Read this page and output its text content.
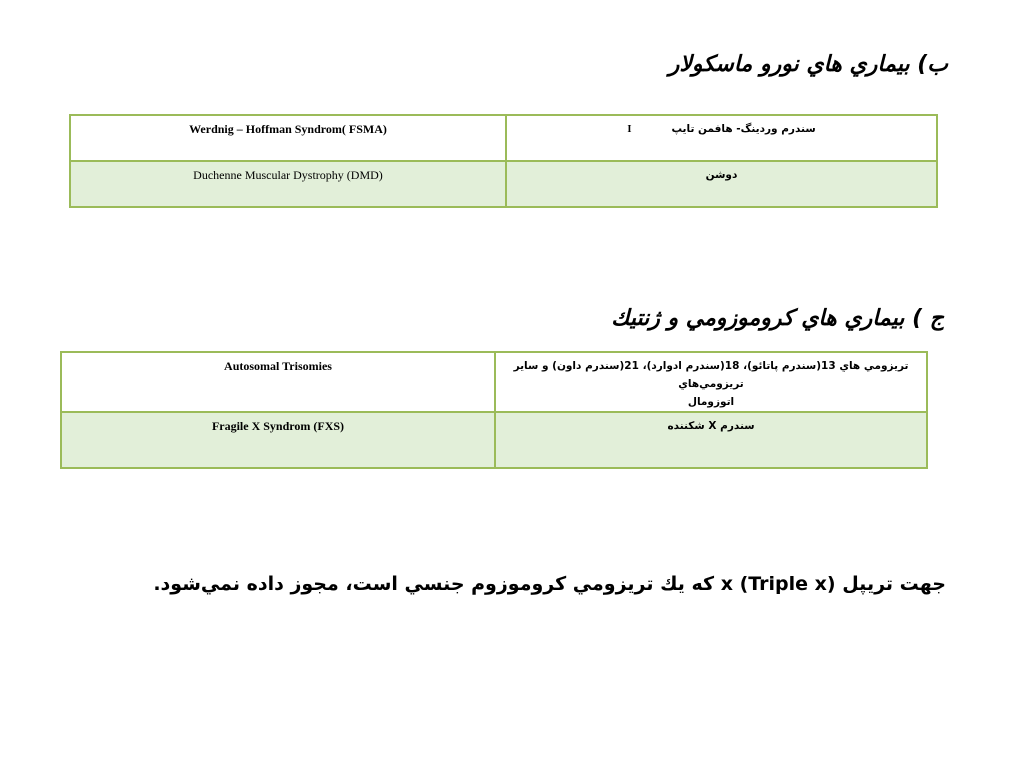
ب) بيماري هاي نورو ماسكولار
Werdnig – Hoffman Syndrom( FSMA)	سندرم وردينگ- هافمن تايپI
Duchenne Muscular Dystrophy (DMD)	دوشن
ج ) بيماري هاي كروموزومي و ژنتيك
Autosomal Trisomies	تريزومي هاي 13(سندرم پاتائو)، 18(سندرم ادوارد)، 21(سندرم داون) و ساير تريزومي‌هاي
اتوزومال

Fragile X Syndrom (FXS)	سندرم X شكننده

جهت تريپل x (Triple x) كه يك تريزومي كروموزوم جنسي است، مجوز داده نمي‌شود.
